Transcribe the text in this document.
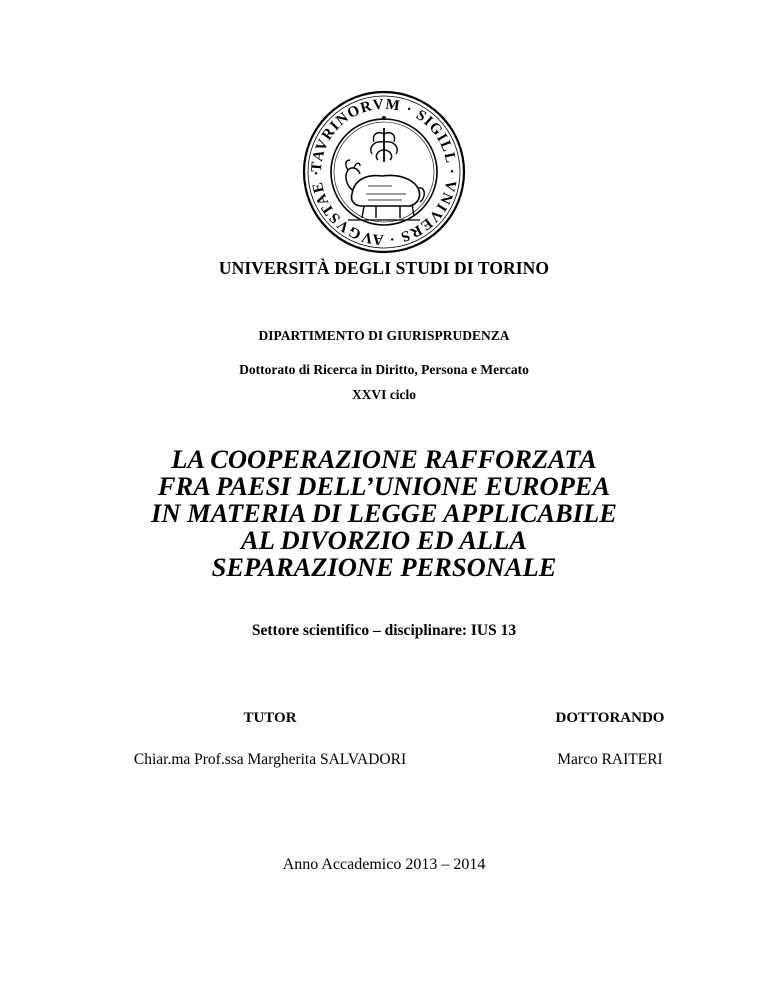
TAVRINORVM · SIGILL · VNIVERS · AVGVSTAE ·
UNIVERSITÀ DEGLI STUDI DI TORINO
DIPARTIMENTO DI GIURISPRUDENZA
Dottorato di Ricerca in Diritto, Persona e Mercato
XXVI ciclo
LA COOPERAZIONE RAFFORZATA
FRA PAESI DELL’UNIONE EUROPEA
IN MATERIA DI LEGGE APPLICABILE
AL DIVORZIO ED ALLA
SEPARAZIONE PERSONALE
Settore scientifico – disciplinare: IUS 13
TUTOR	DOTTORANDO
Chiar.ma Prof.ssa Margherita SALVADORI	Marco RAITERI
Anno Accademico 2013 – 2014
